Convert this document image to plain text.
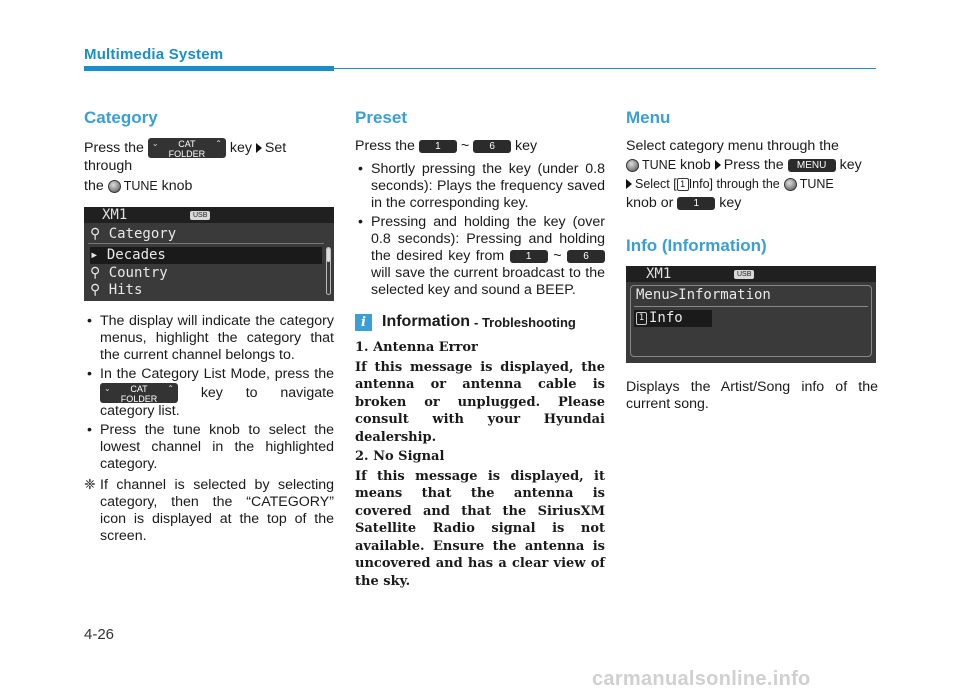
Multimedia System
Category

Press the ⌄ CAT
FOLDER
⌃ key Set through

the TUNE knob

XM1	USB
⚲ Category
▸ Decades
⚲ Country
⚲ Hits
• The display will indicate the category menus, highlight the category that the current channel belongs to.
• In the Category List Mode, press the
⌄ CAT
FOLDER
⌃ key to navigate category list.
• Press the tune knob to select the lowest channel in the highlighted category.
❈ If channel is selected by selecting category, then the “CATEGORY” icon is displayed at the top of the screen.
Preset

Press the 1 ~ 6 key

• Shortly pressing the key (under 0.8 seconds): Plays the frequency saved in the corresponding key.
• Pressing and holding the key (over 0.8 seconds): Pressing and holding the desired key from 1 ~ 6 will save the current broadcast to the selected key and sound a BEEP.
i	Information - Trobleshooting

1. Antenna Error

If this message is displayed, the antenna or antenna cable is broken or unplugged. Please consult with your Hyundai dealership.

2. No Signal

If this message is displayed, it means that the antenna is covered and that the SiriusXM Satellite Radio signal is not available. Ensure the antenna is uncovered and has a clear view of the sky.

Menu

Select category menu through the

TUNE knob Press the MENU key

Select [ 1 Info] through the TUNE

knob or 1 key

Info (Information)
XM1	USB
Menu>Information
1 Info

Displays the Artist/Song info of the current song.

4-26
carmanualsonline.info
